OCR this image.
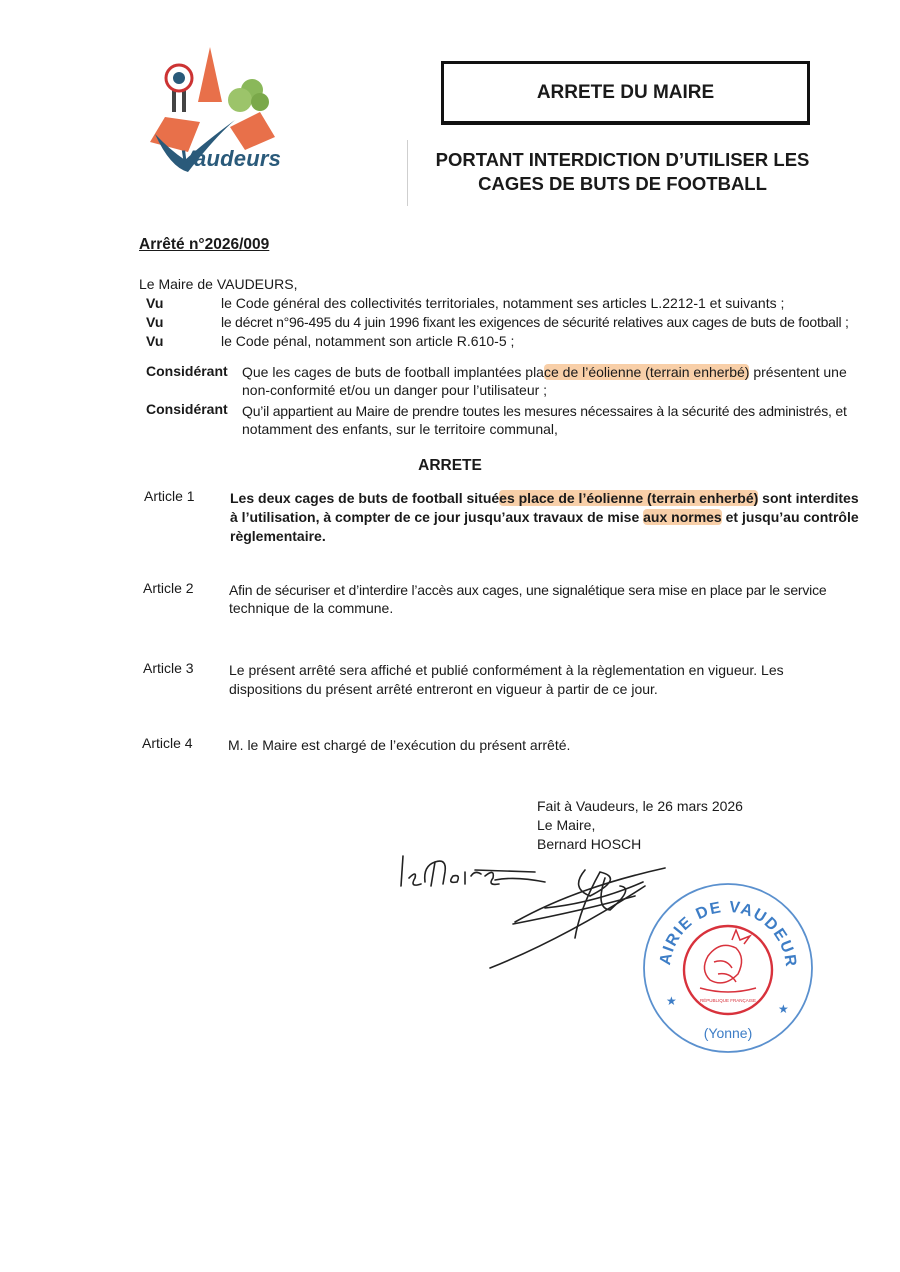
Vaudeurs
ARRETE DU MAIRE
PORTANT INTERDICTION D’UTILISER LES
CAGES DE BUTS DE FOOTBALL
Arrêté n°2026/009
Le Maire de VAUDEURS,
Vu	le Code général des collectivités territoriales, notamment ses articles L.2212-1 et suivants ;
Vu	le décret n°96-495 du 4 juin 1996 fixant les exigences de sécurité relatives aux cages de buts de football ;
Vu	le Code pénal, notamment son article R.610-5 ;
Considérant Que les cages de buts de football implantées place de l’éolienne (terrain enherbé) présentent une
non-conformité et/ou un danger pour l’utilisateur ;
Considérant Qu’il appartient au Maire de prendre toutes les mesures nécessaires à la sécurité des administrés, et
notamment des enfants, sur le territoire communal,
ARRETE
Article 1	Les deux cages de buts de football situées place de l’éolienne (terrain enherbé) sont interdites
à l’utilisation, à compter de ce jour jusqu’aux travaux de mise aux normes et jusqu’au contrôle
règlementaire.
Article 2	Afin de sécuriser et d’interdire l’accès aux cages, une signalétique sera mise en place par le service
technique de la commune.
Article 3	Le présent arrêté sera affiché et publié conformément à la règlementation en vigueur. Les
dispositions du présent arrêté entreront en vigueur à partir de ce jour.
Article 4	M. le Maire est chargé de l’exécution du présent arrêté.
Fait à Vaudeurs, le 26 mars 2026
Le Maire,
Bernard HOSCH
AIRIE DE VAUDEUR
(Yonne)
★
★
RÉPUBLIQUE FRANÇAISE
